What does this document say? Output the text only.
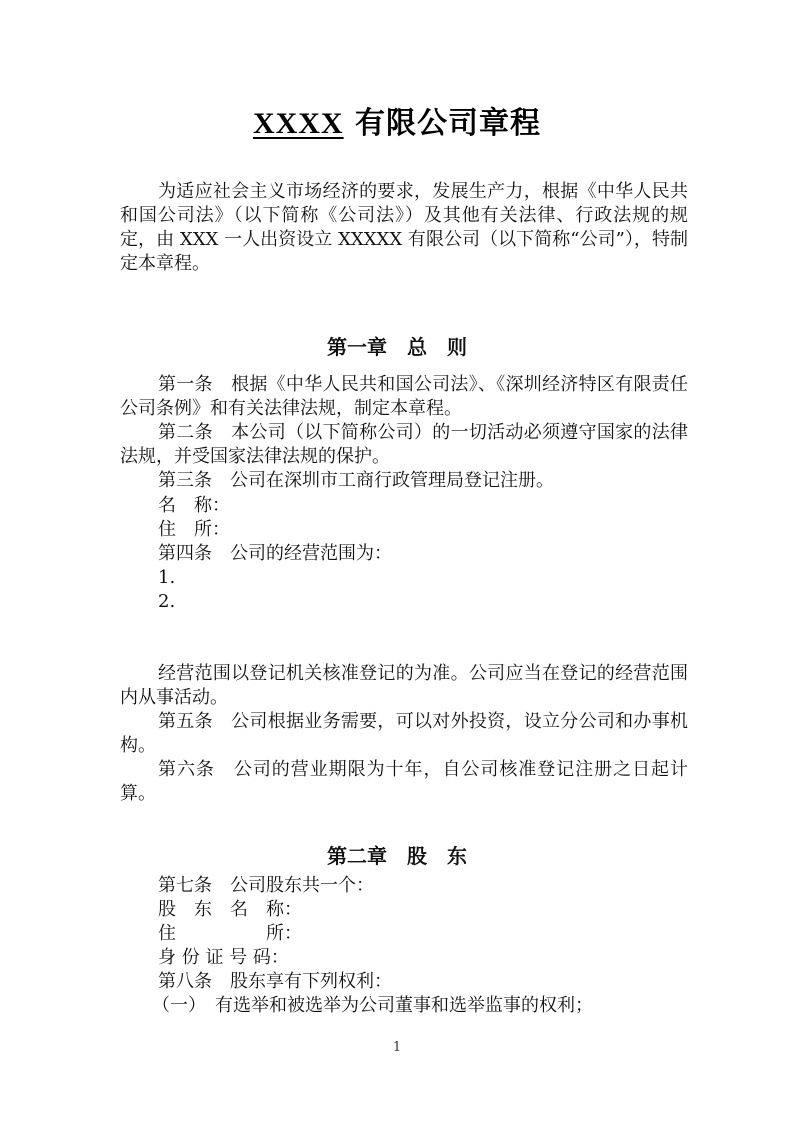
XXXX 有限公司章程
为适应社会主义市场经济的要求，发展生产力，根据《中华人民共和国公司法》（以下简称《公司法》）及其他有关法律、行政法规的规定，由 XXX 一人出资设立 XXXXX 有限公司（以下简称“公司”），特制定本章程。
第一章　总　则
第一条　根据《中华人民共和国公司法》、《深圳经济特区有限责任公司条例》和有关法律法规，制定本章程。
第二条　本公司（以下简称公司）的一切活动必须遵守国家的法律法规，并受国家法律法规的保护。
第三条　公司在深圳市工商行政管理局登记注册。
名　称：
住　所：
第四条　公司的经营范围为：
1.
2.
经营范围以登记机关核准登记的为准。公司应当在登记的经营范围内从事活动。
第五条　公司根据业务需要，可以对外投资，设立分公司和办事机构。
第六条　公司的营业期限为十年，自公司核准登记注册之日起计算。
第二章　股　东
第七条　公司股东共一个：
股　东　名　称：
住　　　　　所：
身 份 证 号 码：
第八条　股东享有下列权利：
（一）　有选举和被选举为公司董事和选举监事的权利；
1
